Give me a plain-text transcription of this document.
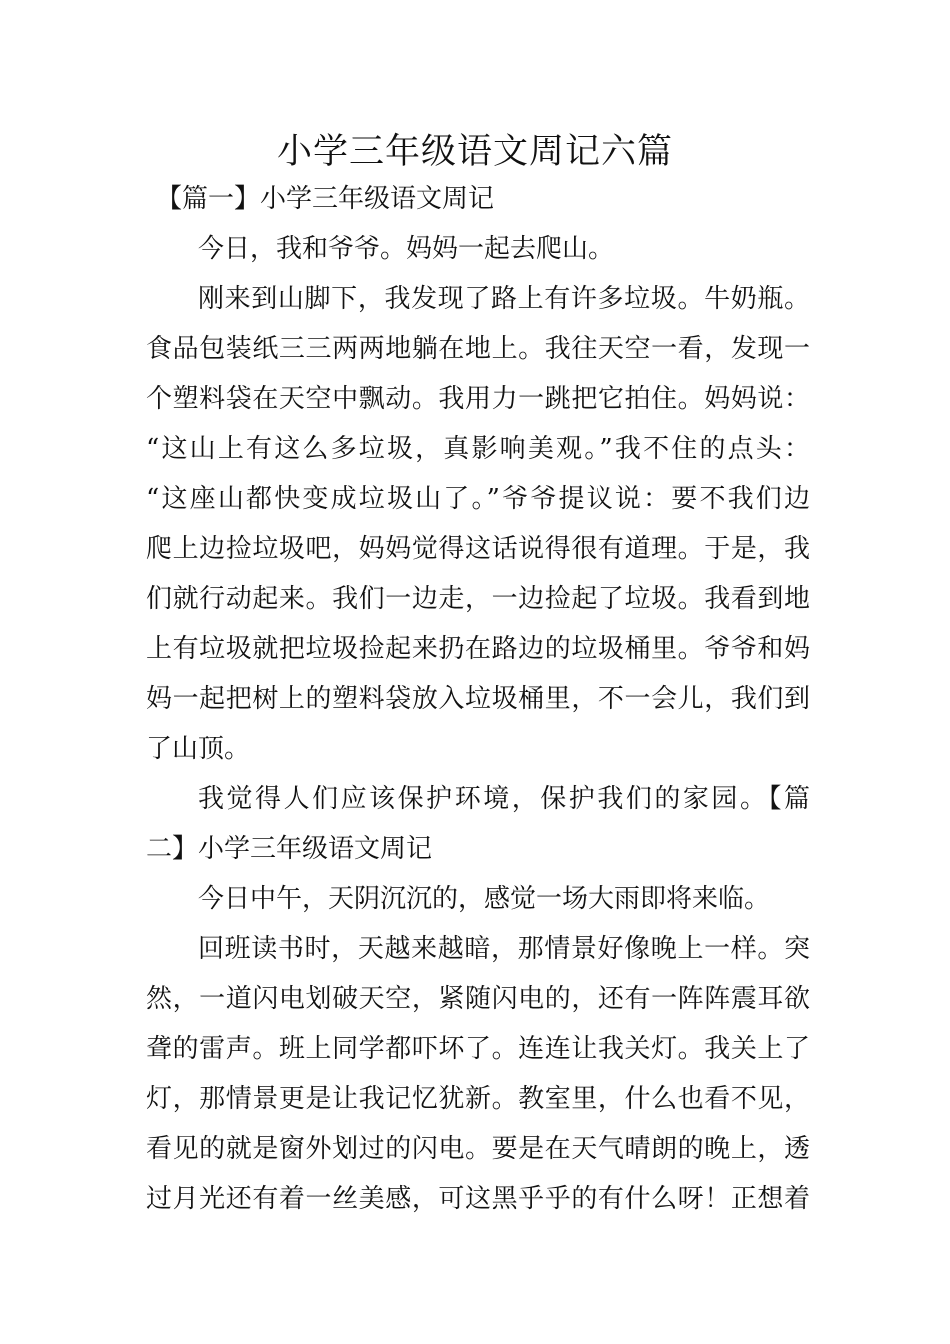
小学三年级语文周记六篇

【篇一】小学三年级语文周记

今日，我和爷爷。妈妈一起去爬山。

刚来到山脚下，我发现了路上有许多垃圾。牛奶瓶。

食品包装纸三三两两地躺在地上。我往天空一看，发现一

个塑料袋在天空中飘动。我用力一跳把它拍住。妈妈说：

“这山上有这么多垃圾，真影响美观。”我不住的点头：

“这座山都快变成垃圾山了。”爷爷提议说：要不我们边

爬上边捡垃圾吧，妈妈觉得这话说得很有道理。于是，我

们就行动起来。我们一边走，一边捡起了垃圾。我看到地

上有垃圾就把垃圾捡起来扔在路边的垃圾桶里。爷爷和妈

妈一起把树上的塑料袋放入垃圾桶里，不一会儿，我们到

了山顶。

我觉得人们应该保护环境，保护我们的家园。【篇

二】小学三年级语文周记

今日中午，天阴沉沉的，感觉一场大雨即将来临。

回班读书时，天越来越暗，那情景好像晚上一样。突

然，一道闪电划破天空，紧随闪电的，还有一阵阵震耳欲

聋的雷声。班上同学都吓坏了。连连让我关灯。我关上了

灯，那情景更是让我记忆犹新。教室里，什么也看不见，

看见的就是窗外划过的闪电。要是在天气晴朗的晚上，透

过月光还有着一丝美感，可这黑乎乎的有什么呀！正想着
